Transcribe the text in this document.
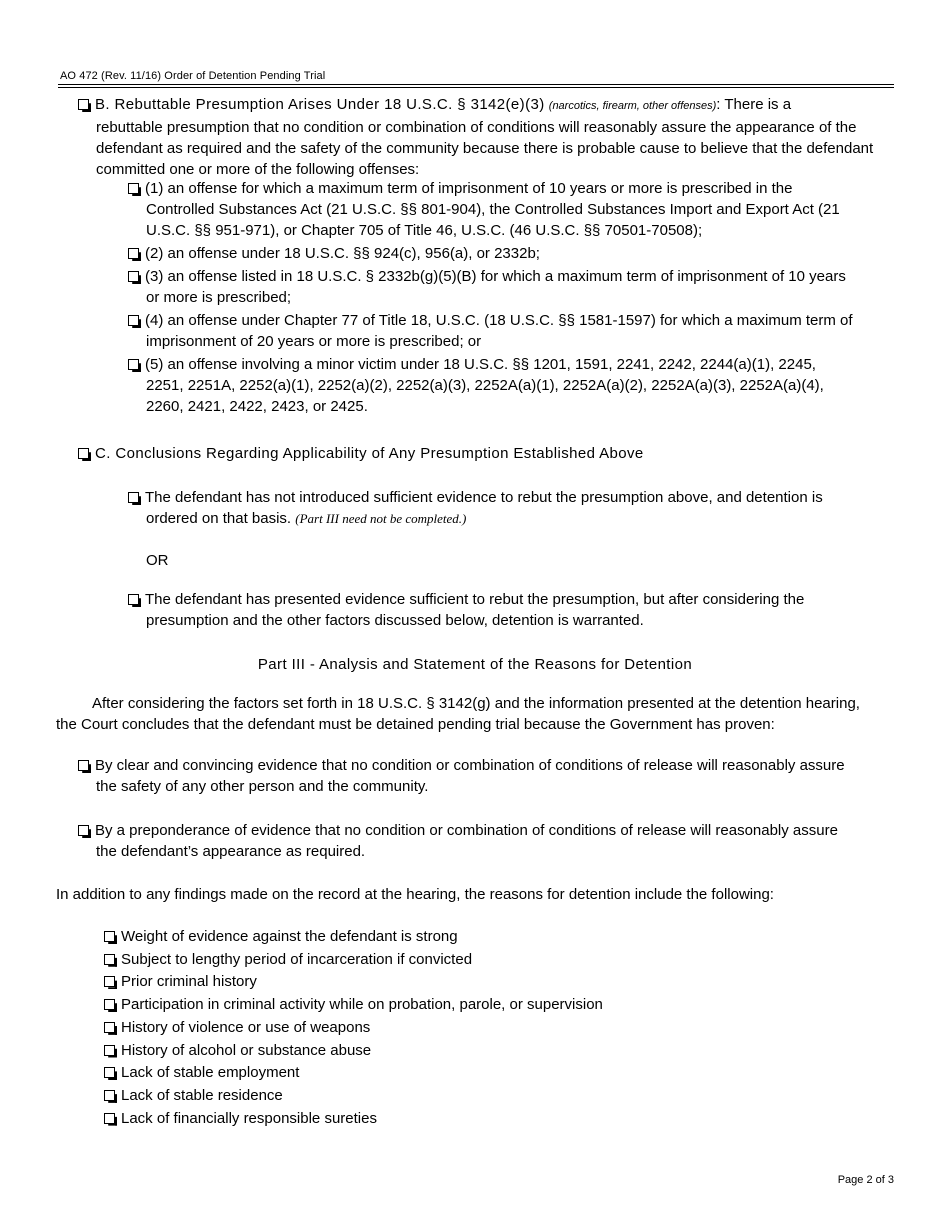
AO 472 (Rev. 11/16) Order of Detention Pending Trial

B. Rebuttable Presumption Arises Under 18 U.S.C. § 3142(e)(3) (narcotics, firearm, other offenses): There is a

rebuttable presumption that no condition or combination of conditions will reasonably assure the appearance of the

defendant as required and the safety of the community because there is probable cause to believe that the defendant

committed one or more of the following offenses:

(1) an offense for which a maximum term of imprisonment of 10 years or more is prescribed in the

Controlled Substances Act (21 U.S.C. §§ 801-904), the Controlled Substances Import and Export Act (21

U.S.C. §§ 951-971), or Chapter 705 of Title 46, U.S.C. (46 U.S.C. §§ 70501-70508);

(2) an offense under 18 U.S.C. §§ 924(c), 956(a), or 2332b;

(3) an offense listed in 18 U.S.C. § 2332b(g)(5)(B) for which a maximum term of imprisonment of 10 years

or more is prescribed;

(4) an offense under Chapter 77 of Title 18, U.S.C. (18 U.S.C. §§ 1581-1597) for which a maximum term of

imprisonment of 20 years or more is prescribed; or

(5) an offense involving a minor victim under 18 U.S.C. §§ 1201, 1591, 2241, 2242, 2244(a)(1), 2245,

2251, 2251A, 2252(a)(1), 2252(a)(2), 2252(a)(3), 2252A(a)(1), 2252A(a)(2), 2252A(a)(3), 2252A(a)(4),

2260, 2421, 2422, 2423, or 2425.

C. Conclusions Regarding Applicability of Any Presumption Established Above

The defendant has not introduced sufficient evidence to rebut the presumption above, and detention is

ordered on that basis. (Part III need not be completed.)

OR

The defendant has presented evidence sufficient to rebut the presumption, but after considering the

presumption and the other factors discussed below, detention is warranted.

Part III - Analysis and Statement of the Reasons for Detention

After considering the factors set forth in 18 U.S.C. § 3142(g) and the information presented at the detention hearing,

the Court concludes that the defendant must be detained pending trial because the Government has proven:

By clear and convincing evidence that no condition or combination of conditions of release will reasonably assure

the safety of any other person and the community.

By a preponderance of evidence that no condition or combination of conditions of release will reasonably assure

the defendant’s appearance as required.

In addition to any findings made on the record at the hearing, the reasons for detention include the following:

Weight of evidence against the defendant is strong

Subject to lengthy period of incarceration if convicted

Prior criminal history

Participation in criminal activity while on probation, parole, or supervision

History of violence or use of weapons

History of alcohol or substance abuse

Lack of stable employment

Lack of stable residence

Lack of financially responsible sureties

Page 2 of 3
